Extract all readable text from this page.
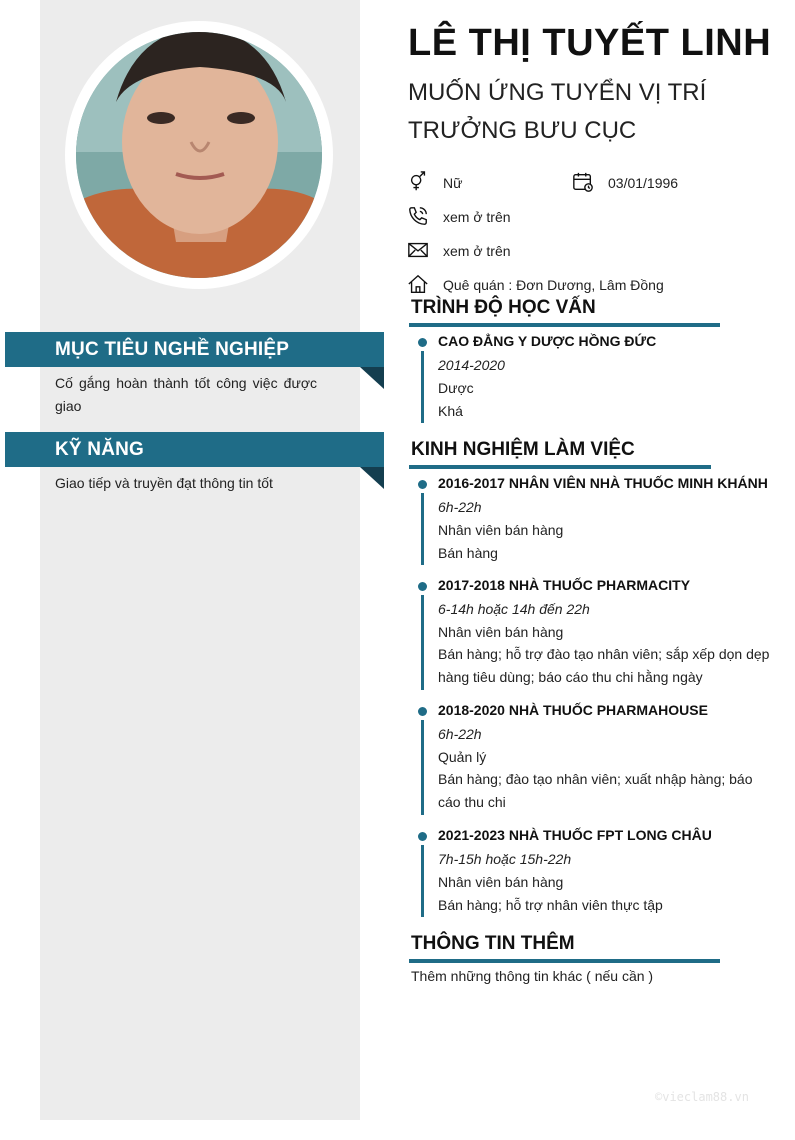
MỤC TIÊU NGHỀ NGHIỆP
Cố gắng hoàn thành tốt công việc được giao
KỸ NĂNG
Giao tiếp và truyền đạt thông tin tốt
LÊ THỊ TUYẾT LINH
MUỐN ỨNG TUYỂN VỊ TRÍ
TRƯỞNG BƯU CỤC
Nữ	03/01/1996
xem ở trên
xem ở trên
Quê quán : Đơn Dương, Lâm Đồng
TRÌNH ĐỘ HỌC VẤN
CAO ĐẲNG Y DƯỢC HỒNG ĐỨC
2014-2020
Dược
Khá
KINH NGHIỆM LÀM VIỆC
2016-2017 NHÂN VIÊN NHÀ THUỐC MINH KHÁNH
6h-22h
Nhân viên bán hàng
Bán hàng
2017-2018 NHÀ THUỐC PHARMACITY
6-14h hoặc 14h đến 22h
Nhân viên bán hàng
Bán hàng; hỗ trợ đào tạo nhân viên; sắp xếp dọn dẹp hàng tiêu dùng; báo cáo thu chi hằng ngày
2018-2020 NHÀ THUỐC PHARMAHOUSE
6h-22h
Quản lý
Bán hàng; đào tạo nhân viên; xuất nhập hàng; báo cáo thu chi
2021-2023 NHÀ THUỐC FPT LONG CHÂU
7h-15h hoặc 15h-22h
Nhân viên bán hàng
Bán hàng; hỗ trợ nhân viên thực tập
THÔNG TIN THÊM
Thêm những thông tin khác ( nếu cần )
©vieclam88.vn
